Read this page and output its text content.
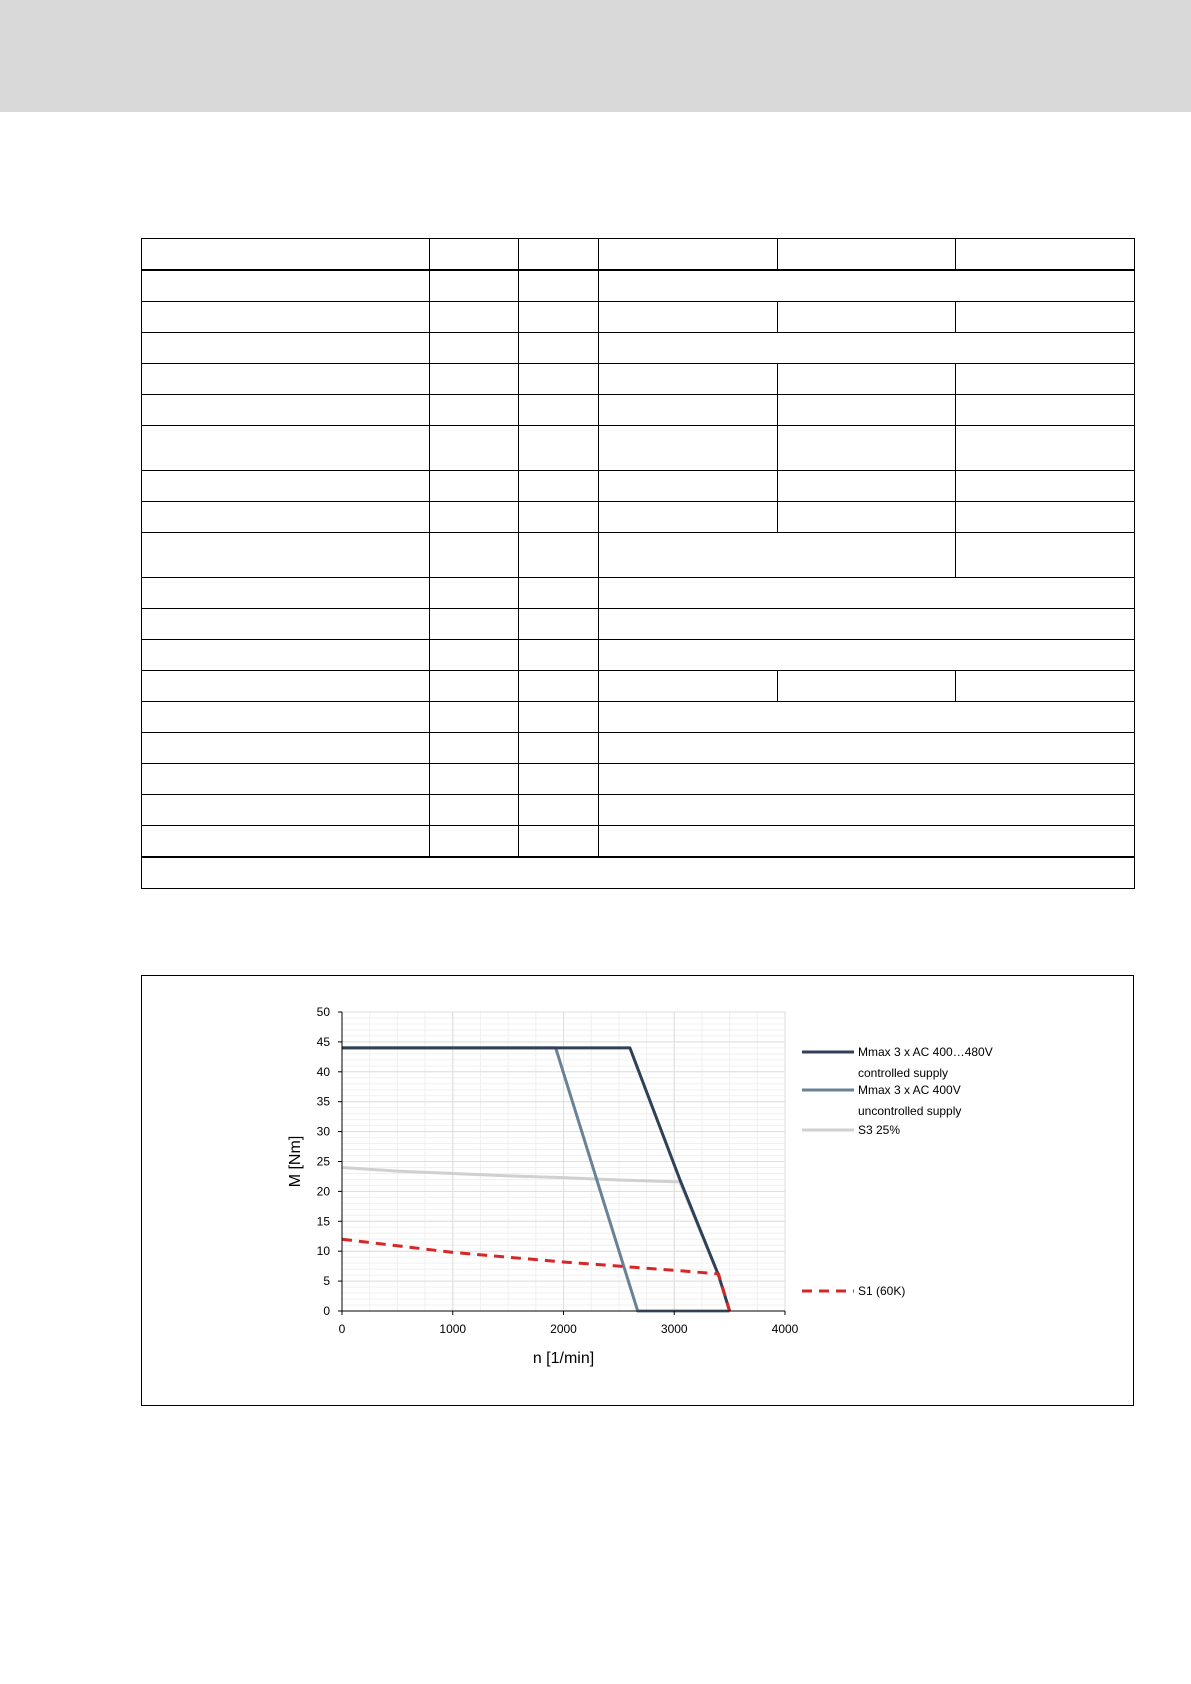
0
5
10
15
20
25
30
35
40
45
50
0	1000	2000	3000	4000
n [1/min]
M [Nm]
Mmax 3 x AC 400…480V
controlled supply
Mmax 3 x AC 400V
uncontrolled supply
S3 25%
S1 (60K)
